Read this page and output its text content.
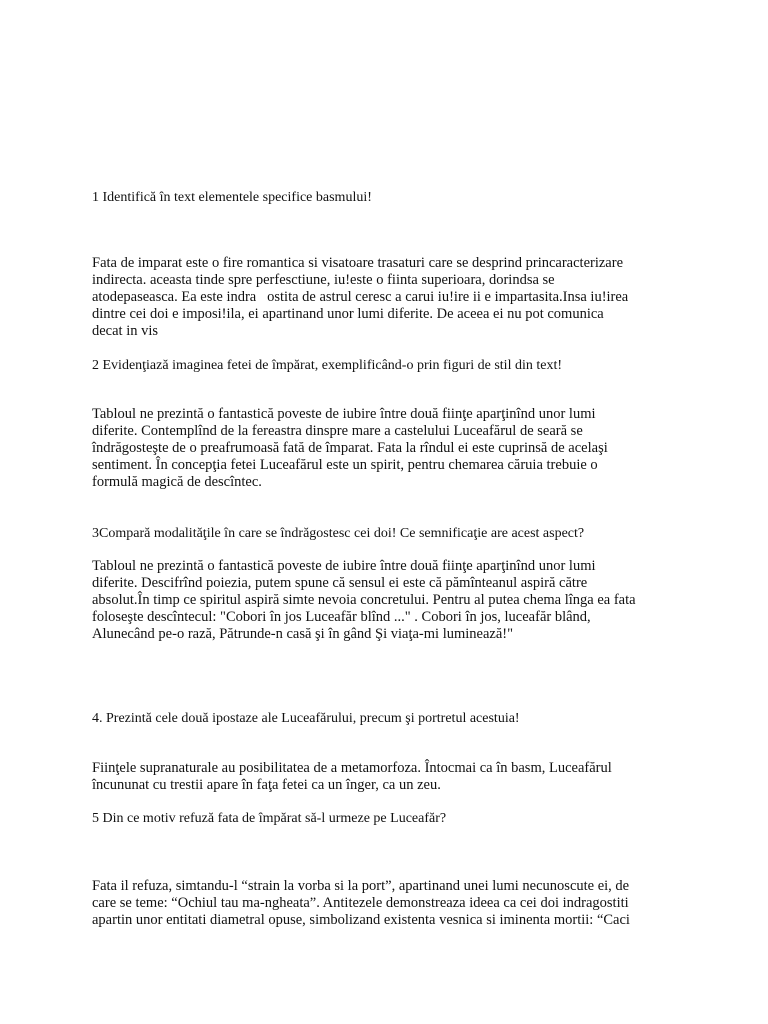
1 Identifică în text elementele specifice basmului!
Fata de imparat este o fire romantica si visatoare trasaturi care se desprind princaracterizare
indirecta. aceasta tinde spre perfesctiune, iu!este o fiinta superioara, dorindsa se
atodepaseasca. Ea este indra   ostita de astrul ceresc a carui iu!ire ii e impartasita.Insa iu!irea
dintre cei doi e imposi!ila, ei apartinand unor lumi diferite. De aceea ei nu pot comunica
decat in vis
2 Evidenţiază imaginea fetei de împărat, exemplificând-o prin figuri de stil din text!
Tabloul ne prezintă o fantastică poveste de iubire între două fiinţe aparţinînd unor lumi
diferite. Contemplînd de la fereastra dinspre mare a castelului Luceafărul de seară se
îndrăgosteşte de o preafrumoasă fată de împarat. Fata la rîndul ei este cuprinsă de acelaşi
sentiment. În concepţia fetei Luceafărul este un spirit, pentru chemarea căruia trebuie o
formulă magică de descîntec.
3Compară modalităţile în care se îndrăgostesc cei doi! Ce semnificaţie are acest aspect?
Tabloul ne prezintă o fantastică poveste de iubire între două fiinţe aparţinînd unor lumi
diferite. Descifrînd poiezia, putem spune că sensul ei este că pămînteanul aspiră către
absolut.În timp ce spiritul aspiră simte nevoia concretului. Pentru al putea chema lînga ea fata
foloseşte descîntecul: "Cobori în jos Luceafăr blînd ..." . Cobori în jos, luceafăr blând,
Alunecând pe-o rază, Pătrunde-n casă şi în gând Şi viaţa-mi luminează!"
4. Prezintă cele două ipostaze ale Luceafărului, precum şi portretul acestuia!
Fiinţele supranaturale au posibilitatea de a metamorfoza. Întocmai ca în basm, Luceafărul
încununat cu trestii apare în faţa fetei ca un înger, ca un zeu.
5 Din ce motiv refuză fata de împărat să-l urmeze pe Luceafăr?
Fata il refuza, simtandu-l “strain la vorba si la port”, apartinand unei lumi necunoscute ei, de
care se teme: “Ochiul tau ma-ngheata”. Antitezele demonstreaza ideea ca cei doi indragostiti
apartin unor entitati diametral opuse, simbolizand existenta vesnica si iminenta mortii: “Caci
